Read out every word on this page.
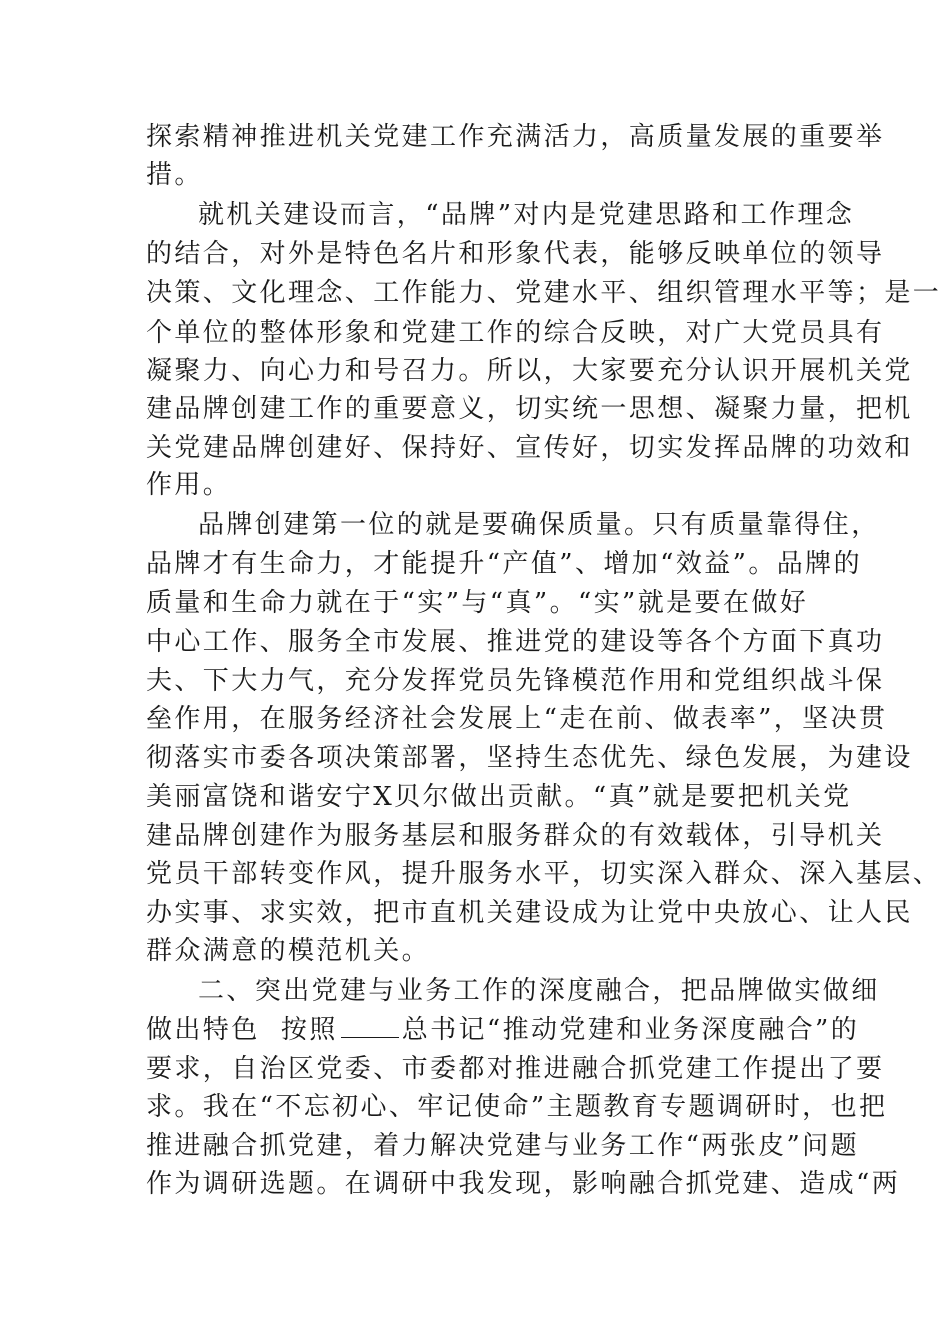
探索精神推进机关党建工作充满活力，高质量发展的重要举
措。
就机关建设而言，“品牌”对内是党建思路和工作理念
的结合，对外是特色名片和形象代表，能够反映单位的领导
决策、文化理念、工作能力、党建水平、组织管理水平等；是一
个单位的整体形象和党建工作的综合反映，对广大党员具有
凝聚力、向心力和号召力。所以，大家要充分认识开展机关党
建品牌创建工作的重要意义，切实统一思想、凝聚力量，把机
关党建品牌创建好、保持好、宣传好，切实发挥品牌的功效和
作用。
品牌创建第一位的就是要确保质量。只有质量靠得住，
品牌才有生命力，才能提升“产值”、增加“效益”。品牌的
质量和生命力就在于“实”与“真”。“实”就是要在做好
中心工作、服务全市发展、推进党的建设等各个方面下真功
夫、下大力气，充分发挥党员先锋模范作用和党组织战斗保
垒作用，在服务经济社会发展上“走在前、做表率”，坚决贯
彻落实市委各项决策部署，坚持生态优先、绿色发展，为建设
美丽富饶和谐安宁X贝尔做出贡献。“真”就是要把机关党
建品牌创建作为服务基层和服务群众的有效载体，引导机关
党员干部转变作风，提升服务水平，切实深入群众、深入基层、
办实事、求实效，把市直机关建设成为让党中央放心、让人民
群众满意的模范机关。
二、突出党建与业务工作的深度融合，把品牌做实做细
做出特色  按照 总书记“推动党建和业务深度融合”的
要求，自治区党委、市委都对推进融合抓党建工作提出了要
求。我在“不忘初心、牢记使命”主题教育专题调研时，也把
推进融合抓党建，着力解决党建与业务工作“两张皮”问题
作为调研选题。在调研中我发现，影响融合抓党建、造成“两
